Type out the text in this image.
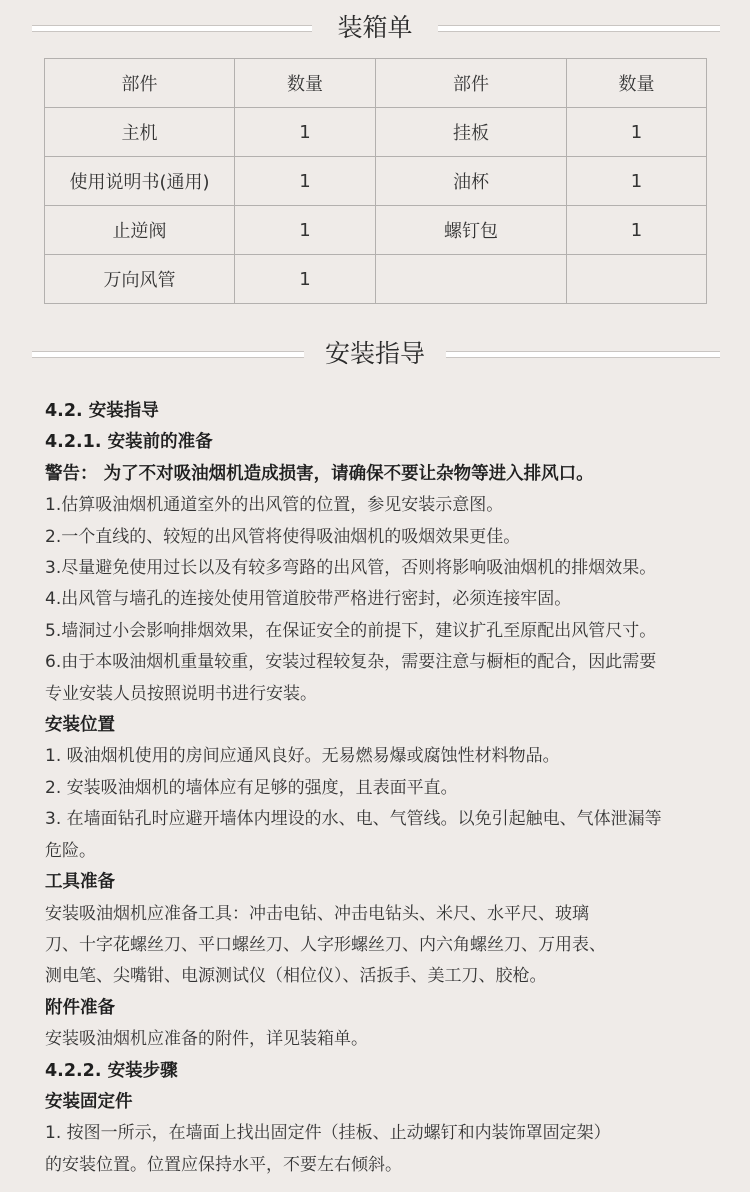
装箱单
部件	数量	部件	数量
主机	1	挂板	1
使用说明书(通用)	1	油杯	1
止逆阀	1	螺钉包	1
万向风管	1		
安装指导
4.2. 安装指导
4.2.1. 安装前的准备
警告： 为了不对吸油烟机造成损害，请确保不要让杂物等进入排风口。
1.估算吸油烟机通道室外的出风管的位置，参见安装示意图。
2.一个直线的、较短的出风管将使得吸油烟机的吸烟效果更佳。
3.尽量避免使用过长以及有较多弯路的出风管，否则将影响吸油烟机的排烟效果。
4.出风管与墙孔的连接处使用管道胶带严格进行密封，必须连接牢固。
5.墙洞过小会影响排烟效果，在保证安全的前提下，建议扩孔至原配出风管尺寸。
6.由于本吸油烟机重量较重，安装过程较复杂，需要注意与橱柜的配合，因此需要
专业安装人员按照说明书进行安装。
安装位置
1. 吸油烟机使用的房间应通风良好。无易燃易爆或腐蚀性材料物品。
2. 安装吸油烟机的墙体应有足够的强度，且表面平直。
3. 在墙面钻孔时应避开墙体内埋设的水、电、气管线。以免引起触电、气体泄漏等
危险。
工具准备
安装吸油烟机应准备工具：冲击电钻、冲击电钻头、米尺、水平尺、玻璃
刀、十字花螺丝刀、平口螺丝刀、人字形螺丝刀、内六角螺丝刀、万用表、
测电笔、尖嘴钳、电源测试仪（相位仪）、活扳手、美工刀、胶枪。
附件准备
安装吸油烟机应准备的附件，详见装箱单。
4.2.2. 安装步骤
安装固定件
1. 按图一所示，在墙面上找出固定件（挂板、止动螺钉和内装饰罩固定架）
的安装位置。位置应保持水平，不要左右倾斜。
